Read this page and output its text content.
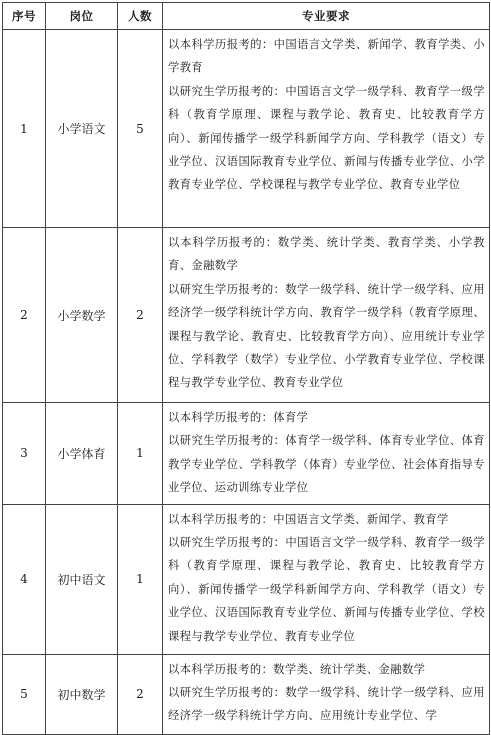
序号	岗位	人数	专业要求
1	小学语文	5	以本科学历报考的：中国语言文学类、新闻学、教育学类、小学教育

以研究生学历报考的：中国语言文学一级学科、教育学一级学科（教育学原理、课程与教学论、教育史、比较教育学方向）、新闻传播学一级学科新闻学方向、学科教学（语文）专业学位、汉语国际教育专业学位、新闻与传播专业学位、小学教育专业学位、学校课程与教学专业学位、教育专业学位

2	小学数学	2	以本科学历报考的：数学类、统计学类、教育学类、小学教育、金融数学

以研究生学历报考的：数学一级学科、统计学一级学科、应用经济学一级学科统计学方向、教育学一级学科（教育学原理、课程与教学论、教育史、比较教育学方向）、应用统计专业学位、学科教学（数学）专业学位、小学教育专业学位、学校课程与教学专业学位、教育专业学位

3	小学体育	1	以本科学历报考的：体育学

以研究生学历报考的：体育学一级学科、体育专业学位、体育教学专业学位、学科教学（体育）专业学位、社会体育指导专业学位、运动训练专业学位

4	初中语文	1	以本科学历报考的：中国语言文学类、新闻学、教育学

以研究生学历报考的：中国语言文学一级学科、教育学一级学科（教育学原理、课程与教学论、教育史、比较教育学方向）、新闻传播学一级学科新闻学方向、学科教学（语文）专业学位、汉语国际教育专业学位、新闻与传播专业学位、学校课程与教学专业学位、教育专业学位

5	初中数学	2	以本科学历报考的：数学类、统计学类、金融数学

以研究生学历报考的：数学一级学科、统计学一级学科、应用经济学一级学科统计学方向、应用统计专业学位、学
